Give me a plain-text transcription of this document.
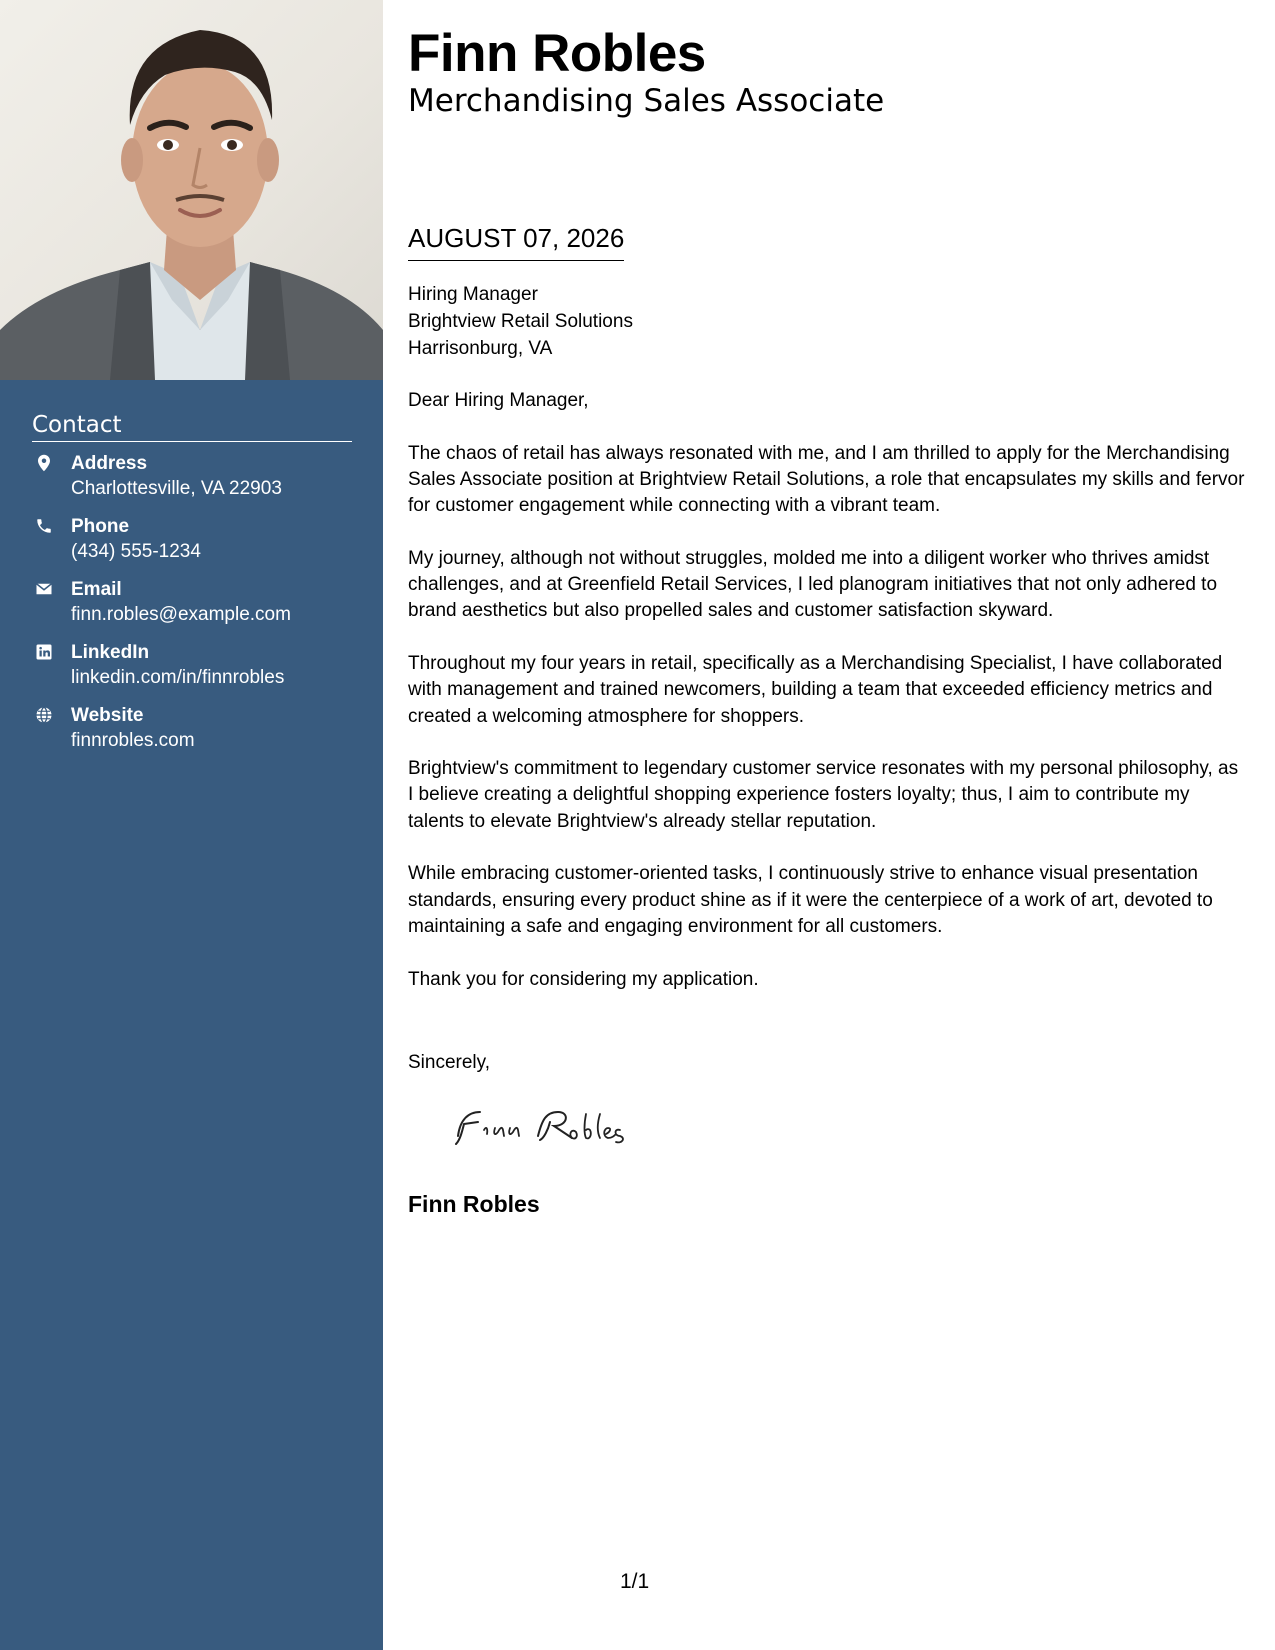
Contact
Address
Charlottesville, VA 22903
Phone
(434) 555-1234
Email
finn.robles@example.com
LinkedIn
linkedin.com/in/finnrobles
Website
finnrobles.com
Finn Robles
Merchandising Sales Associate
AUGUST 07, 2026
Hiring Manager
Brightview Retail Solutions
Harrisonburg, VA

Dear Hiring Manager,

The chaos of retail has always resonated with me, and I am thrilled to apply for the Merchandising Sales Associate position at Brightview Retail Solutions, a role that encapsulates my skills and fervor for customer engagement while connecting with a vibrant team.

My journey, although not without struggles, molded me into a diligent worker who thrives amidst challenges, and at Greenfield Retail Services, I led planogram initiatives that not only adhered to brand aesthetics but also propelled sales and customer satisfaction skyward.

Throughout my four years in retail, specifically as a Merchandising Specialist, I have collaborated with management and trained newcomers, building a team that exceeded efficiency metrics and created a welcoming atmosphere for shoppers.

Brightview's commitment to legendary customer service resonates with my personal philosophy, as I believe creating a delightful shopping experience fosters loyalty; thus, I aim to contribute my talents to elevate Brightview's already stellar reputation.

While embracing customer-oriented tasks, I continuously strive to enhance visual presentation standards, ensuring every product shine as if it were the centerpiece of a work of art, devoted to maintaining a safe and engaging environment for all customers.

Thank you for considering my application.

Sincerely,
Finn Robles
1/1
